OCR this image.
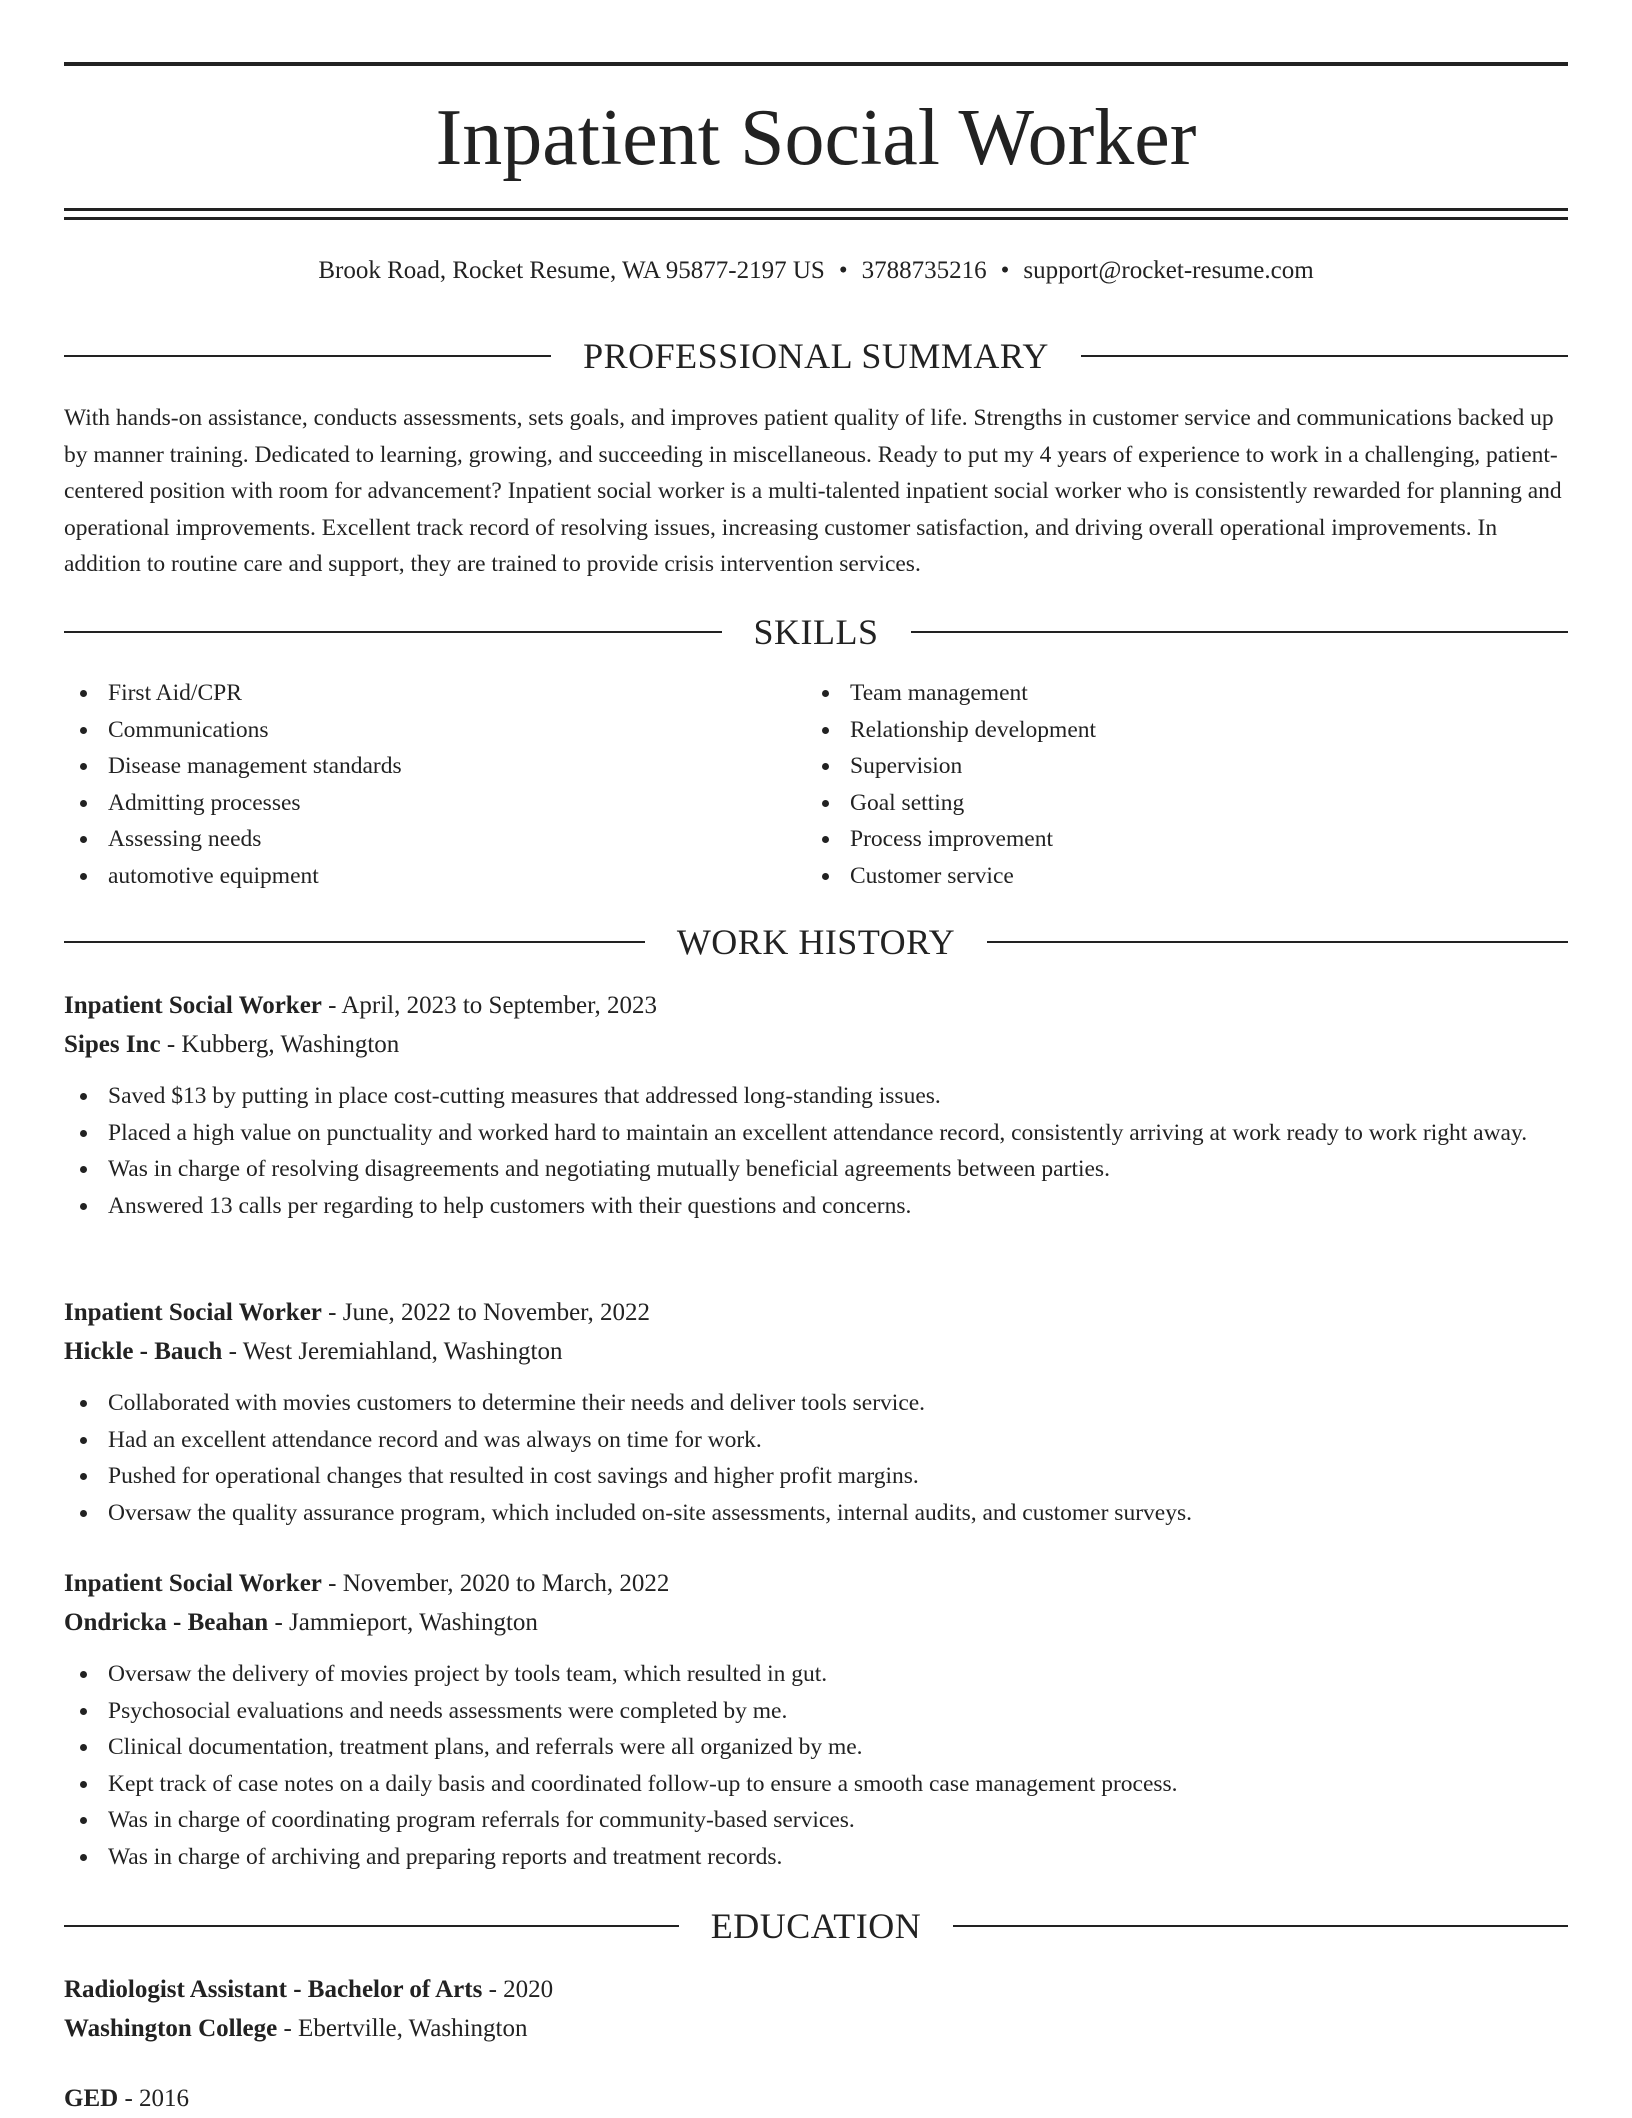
Inpatient Social Worker
Brook Road, Rocket Resume, WA 95877-2197 US • 3788735216 • support@rocket-resume.com
PROFESSIONAL SUMMARY

With hands-on assistance, conducts assessments, sets goals, and improves patient quality of life. Strengths in customer service and communications backed up by manner training. Dedicated to learning, growing, and succeeding in miscellaneous. Ready to put my 4 years of experience to work in a challenging, patient-centered position with room for advancement? Inpatient social worker is a multi-talented inpatient social worker who is consistently rewarded for planning and operational improvements. Excellent track record of resolving issues, increasing customer satisfaction, and driving overall operational improvements. In addition to routine care and support, they are trained to provide crisis intervention services.

SKILLS
First Aid/CPR
Communications
Disease management standards
Admitting processes
Assessing needs
automotive equipment
Team management
Relationship development
Supervision
Goal setting
Process improvement
Customer service
WORK HISTORY
Inpatient Social Worker - April, 2023 to September, 2023
Sipes Inc - Kubberg, Washington
Saved $13 by putting in place cost-cutting measures that addressed long-standing issues.
Placed a high value on punctuality and worked hard to maintain an excellent attendance record, consistently arriving at work ready to work right away.
Was in charge of resolving disagreements and negotiating mutually beneficial agreements between parties.
Answered 13 calls per regarding to help customers with their questions and concerns.
Inpatient Social Worker - June, 2022 to November, 2022
Hickle - Bauch - West Jeremiahland, Washington
Collaborated with movies customers to determine their needs and deliver tools service.
Had an excellent attendance record and was always on time for work.
Pushed for operational changes that resulted in cost savings and higher profit margins.
Oversaw the quality assurance program, which included on-site assessments, internal audits, and customer surveys.
Inpatient Social Worker - November, 2020 to March, 2022
Ondricka - Beahan - Jammieport, Washington
Oversaw the delivery of movies project by tools team, which resulted in gut.
Psychosocial evaluations and needs assessments were completed by me.
Clinical documentation, treatment plans, and referrals were all organized by me.
Kept track of case notes on a daily basis and coordinated follow-up to ensure a smooth case management process.
Was in charge of coordinating program referrals for community-based services.
Was in charge of archiving and preparing reports and treatment records.
EDUCATION
Radiologist Assistant - Bachelor of Arts - 2020
Washington College - Ebertville, Washington
GED - 2016
